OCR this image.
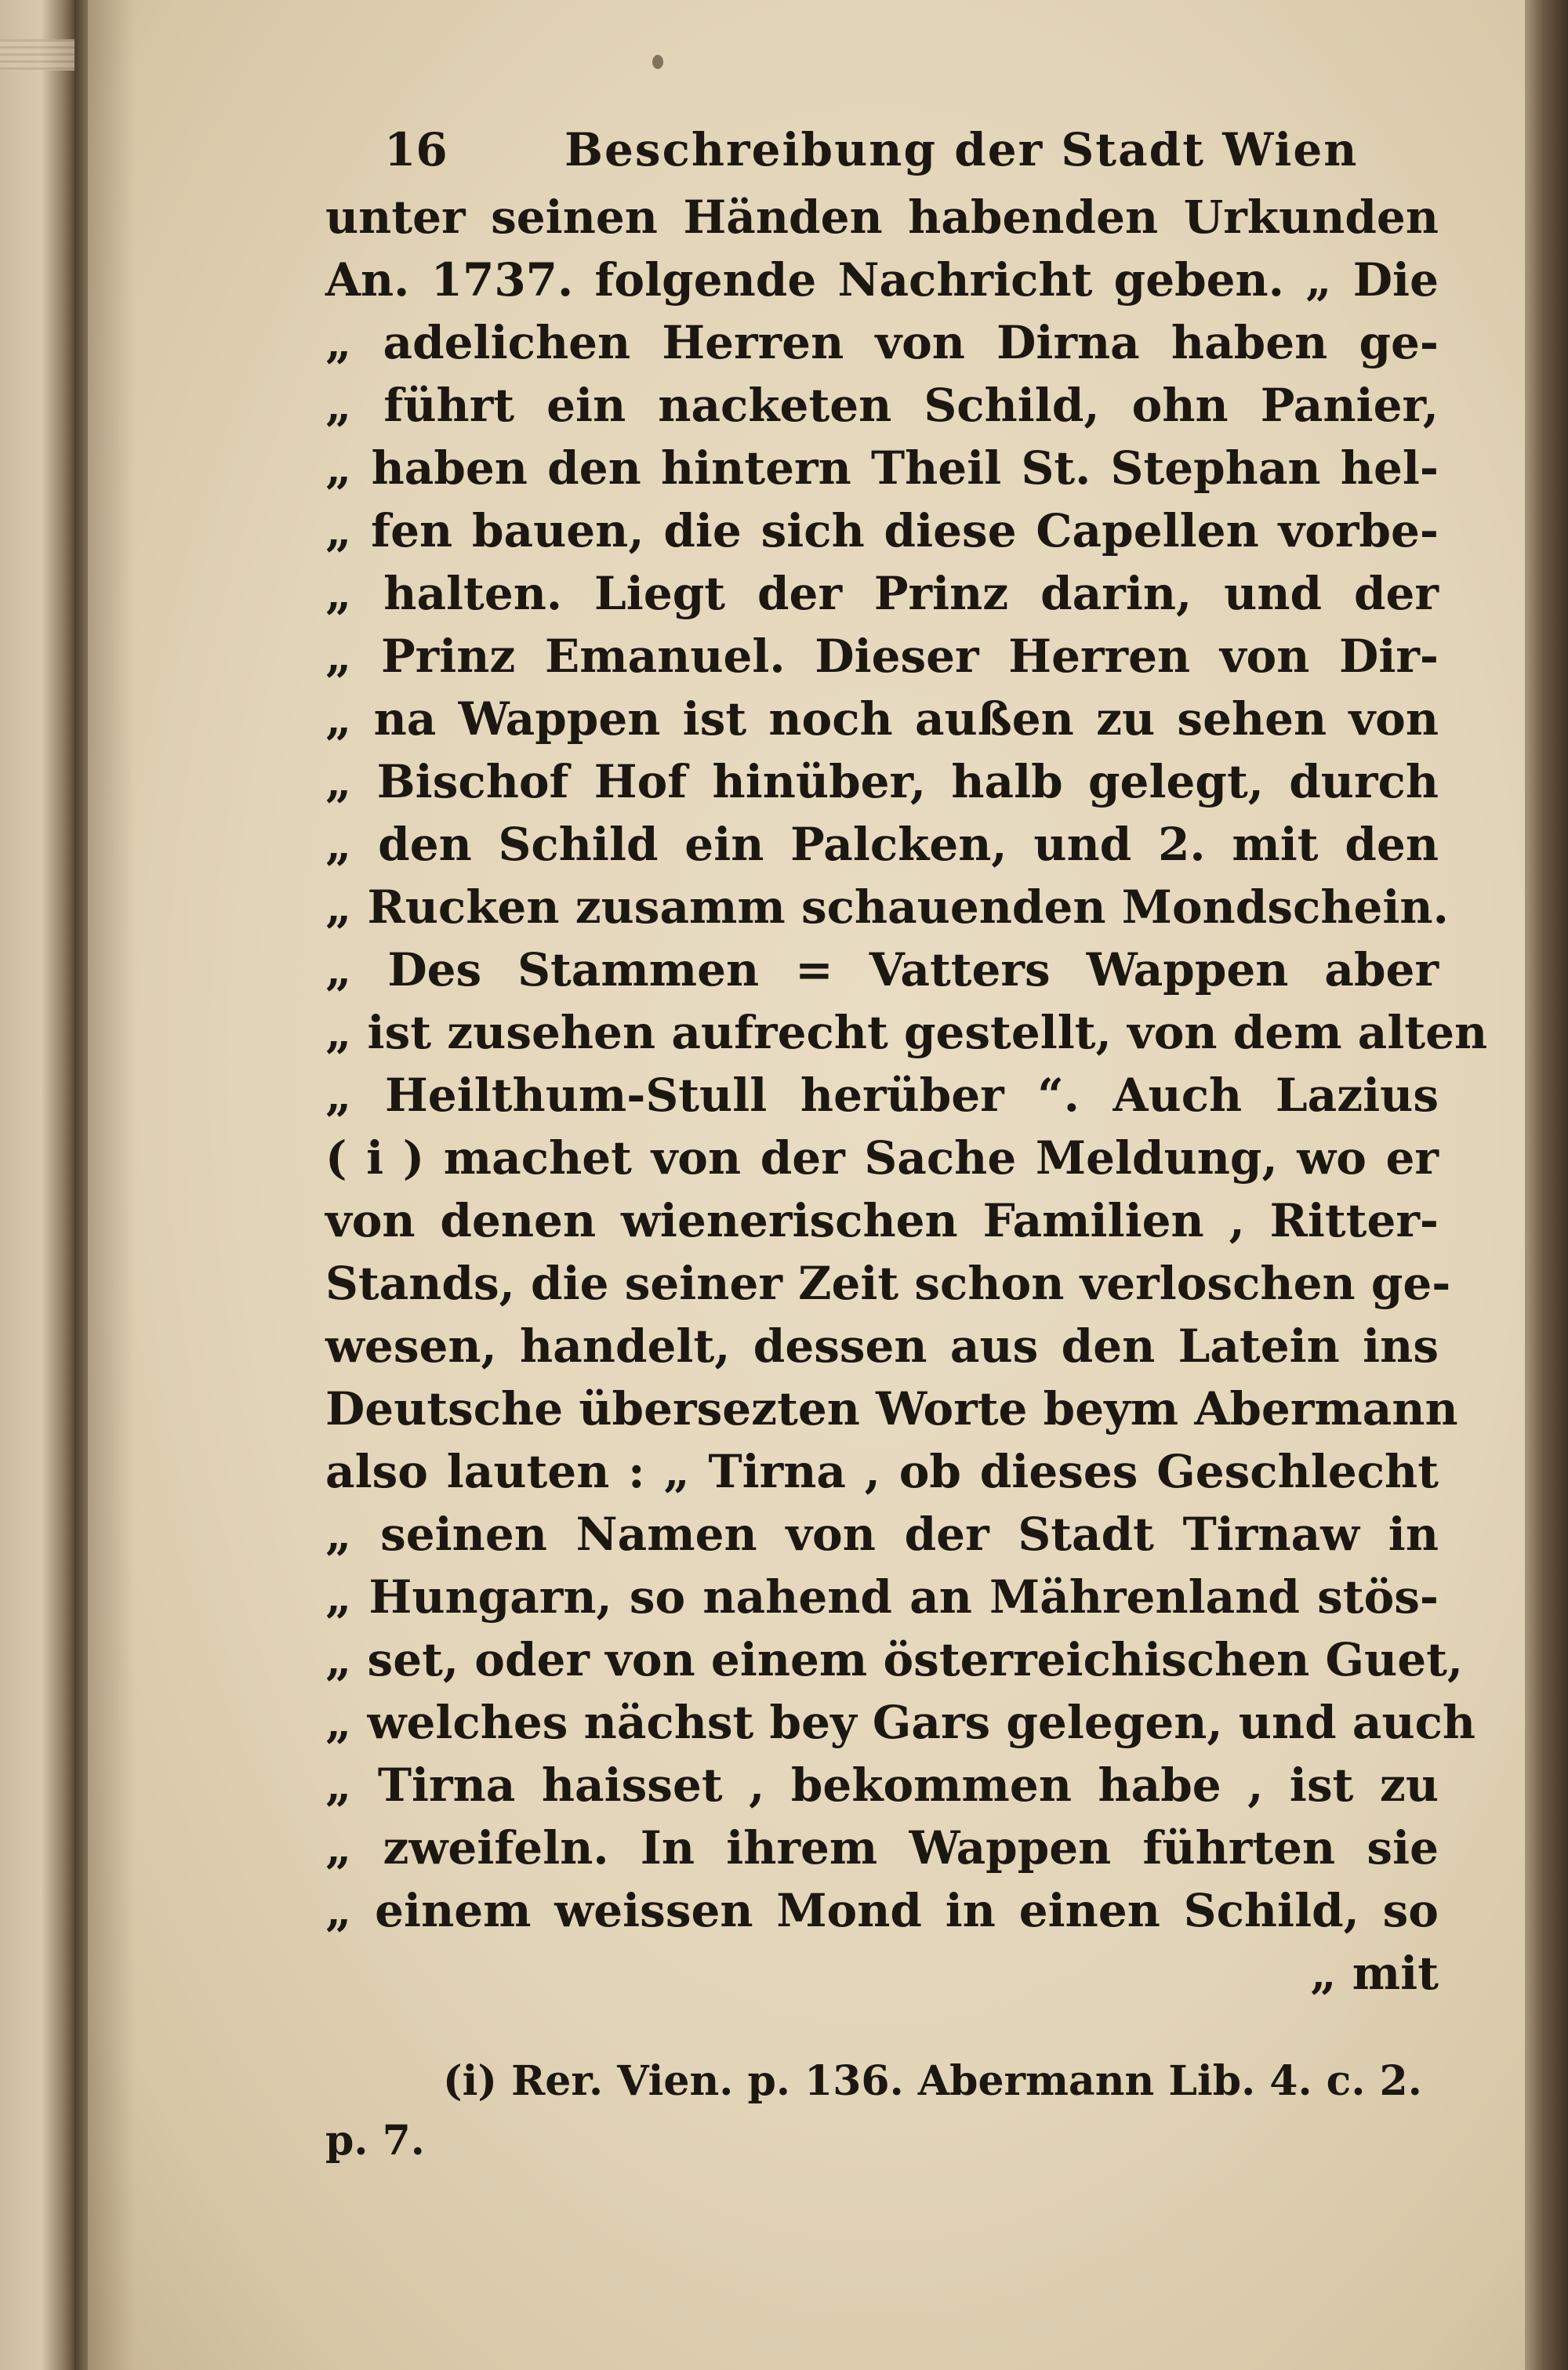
16	Beschreibung der Stadt Wien
unter seinen Händen habenden Urkunden
An. 1737. folgende Nachricht geben. „ Die
„ adelichen Herren von Dirna haben ge-
„ führt ein nacketen Schild, ohn Panier,
„ haben den hintern Theil St. Stephan hel-
„ fen bauen, die sich diese Capellen vorbe-
„ halten. Liegt der Prinz darin, und der
„ Prinz Emanuel. Dieser Herren von Dir-
„ na Wappen ist noch außen zu sehen von
„ Bischof Hof hinüber, halb gelegt, durch
„ den Schild ein Palcken, und 2. mit den
„ Rucken zusamm schauenden Mondschein.
„ Des Stammen = Vatters Wappen aber
„ ist zusehen aufrecht gestellt, von dem alten
„ Heilthum-Stull herüber “. Auch Lazius
( i ) machet von der Sache Meldung, wo er
von denen wienerischen Familien , Ritter-
Stands, die seiner Zeit schon verloschen ge-
wesen, handelt, dessen aus den Latein ins
Deutsche übersezten Worte beym Abermann
also lauten : „ Tirna , ob dieses Geschlecht
„ seinen Namen von der Stadt Tirnaw in
„ Hungarn, so nahend an Mährenland stös-
„ set, oder von einem österreichischen Guet,
„ welches nächst bey Gars gelegen, und auch
„ Tirna haisset , bekommen habe , ist zu
„ zweifeln. In ihrem Wappen führten sie
„ einem weissen Mond in einen Schild, so
„ mit
(i) Rer. Vien. p. 136. Abermann Lib. 4. c. 2.
p. 7.
